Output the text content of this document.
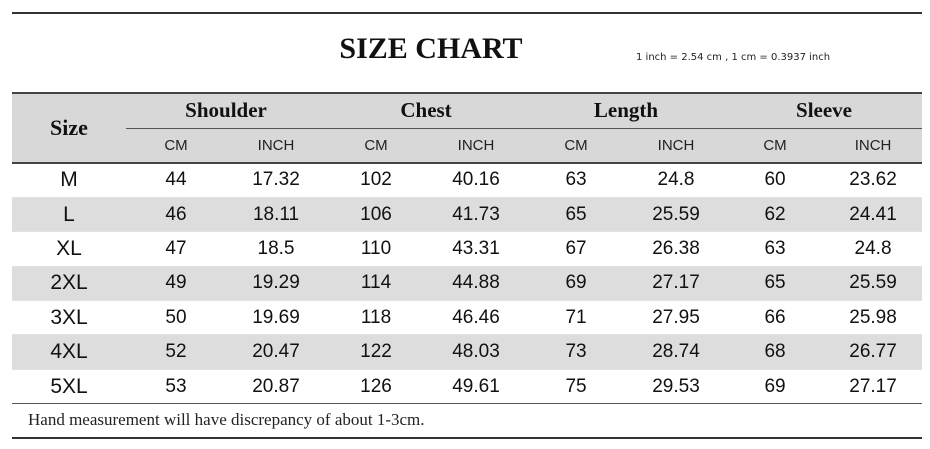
SIZE CHART	1 inch = 2.54 cm , 1 cm = 0.3937 inch
Size	Shoulder		Chest		Length		Sleeve	
	CM	INCH	CM	INCH	CM	INCH	CM	INCH
M	44	17.32	102	40.16	63	24.8	60	23.62
L	46	18.11	106	41.73	65	25.59	62	24.41
XL	47	18.5	110	43.31	67	26.38	63	24.8
2XL	49	19.29	114	44.88	69	27.17	65	25.59
3XL	50	19.69	118	46.46	71	27.95	66	25.98
4XL	52	20.47	122	48.03	73	28.74	68	26.77
5XL	53	20.87	126	49.61	75	29.53	69	27.17
Hand measurement will have discrepancy of about 1-3cm.
